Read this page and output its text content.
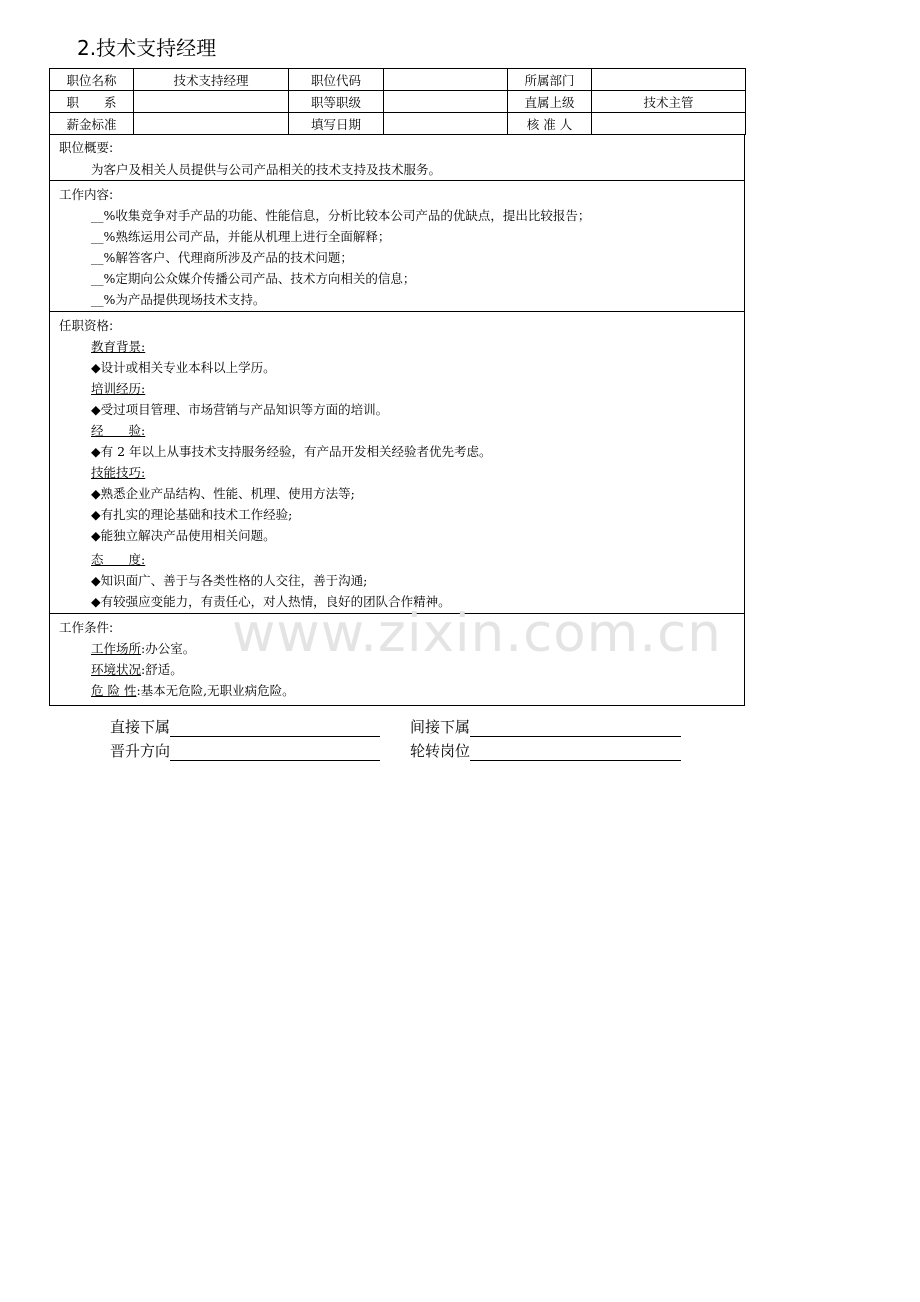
2.技术支持经理
职位名称	技术支持经理	职位代码		所属部门	
职　　系		职等职级		直属上级	技术主管
薪金标准		填写日期		核 准 人	
职位概要:
为客户及相关人员提供与公司产品相关的技术支持及技术服务。
工作内容:
__%收集竞争对手产品的功能、性能信息，分析比较本公司产品的优缺点，提出比较报告；
__%熟练运用公司产品，并能从机理上进行全面解释；
__%解答客户、代理商所涉及产品的技术问题；
__%定期向公众媒介传播公司产品、技术方向相关的信息；
__%为产品提供现场技术支持。
任职资格:
教育背景:
◆设计或相关专业本科以上学历。
培训经历:
◆受过项目管理、市场营销与产品知识等方面的培训。
经　　验:
◆有 2 年以上从事技术支持服务经验，有产品开发相关经验者优先考虑。
技能技巧:
◆熟悉企业产品结构、性能、机理、使用方法等;
◆有扎实的理论基础和技术工作经验;
◆能独立解决产品使用相关问题。
态　　度:
◆知识面广、善于与各类性格的人交往，善于沟通;
◆有较强应变能力，有责任心，对人热情，良好的团队合作精神。
工作条件:
工作场所:办公室。
环境状况:舒适。
危 险 性:基本无危险,无职业病危险。
www.zixin.com.cn
直接下属	间接下属
晋升方向	轮转岗位
